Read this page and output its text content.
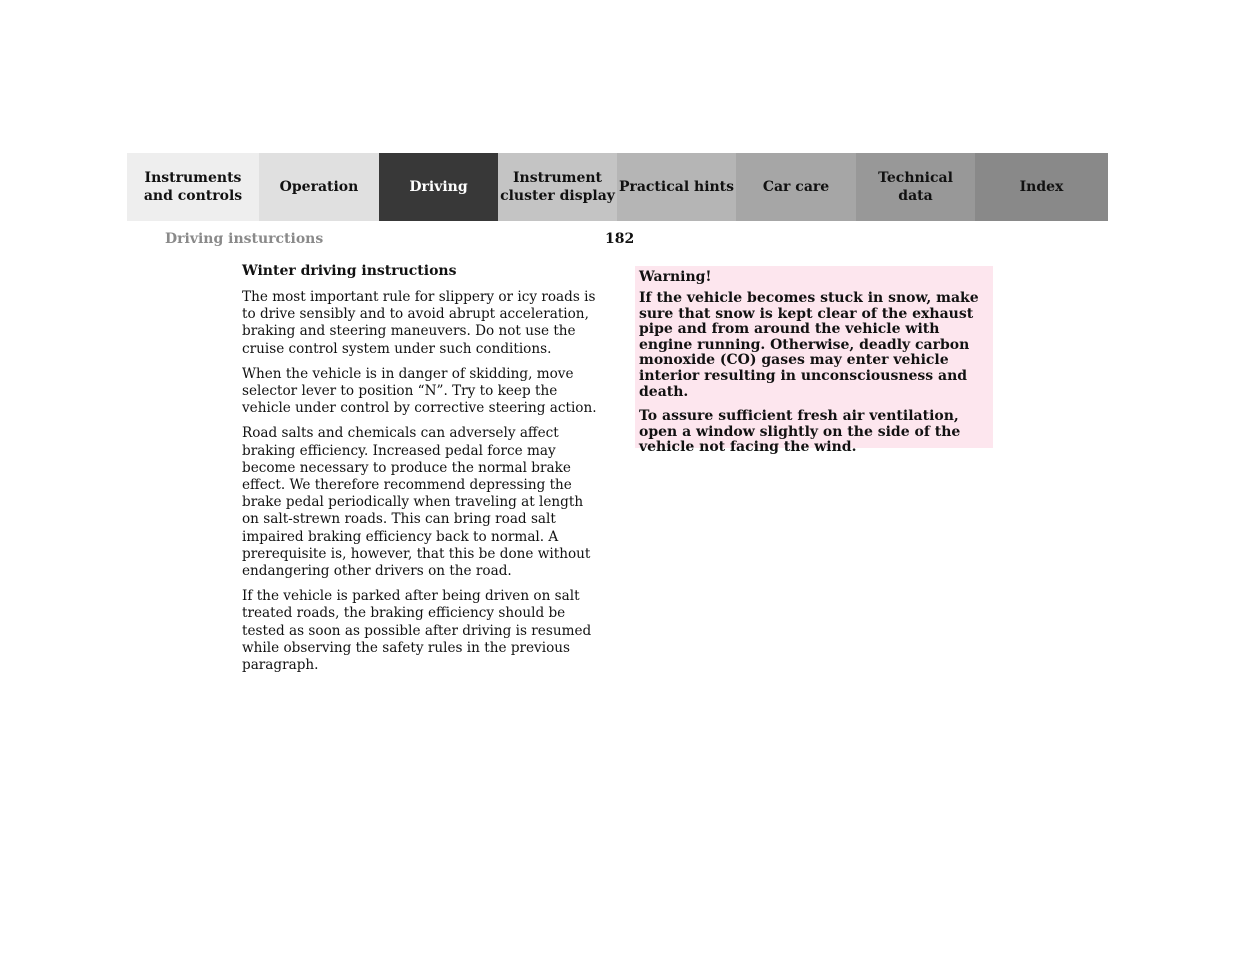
Instruments
and controls
Operation	Driving
Instrument
cluster display
Practical hints Car care
Technical
data
Index
Driving insturctions	182
Winter driving instructions

The most important rule for slippery or icy roads is to drive sensibly and to avoid abrupt acceleration, braking and steering maneuvers. Do not use the cruise control system under such conditions.

When the vehicle is in danger of skidding, move selector lever to position “N”. Try to keep the vehicle under control by corrective steering action.

Road salts and chemicals can adversely affect braking efficiency. Increased pedal force may become necessary to produce the normal brake effect. We therefore recommend depressing the brake pedal periodically when traveling at length on salt-strewn roads. This can bring road salt impaired braking efficiency back to normal. A prerequisite is, however, that this be done without endangering other drivers on the road.

If the vehicle is parked after being driven on salt treated roads, the braking efficiency should be tested as soon as possible after driving is resumed while observing the safety rules in the previous paragraph.

Warning!

If the vehicle becomes stuck in snow, make sure that snow is kept clear of the exhaust pipe and from around the vehicle with engine running. Otherwise, deadly carbon monoxide (CO) gases may enter vehicle interior resulting in unconsciousness and death.

To assure sufficient fresh air ventilation, open a window slightly on the side of the vehicle not facing the wind.
